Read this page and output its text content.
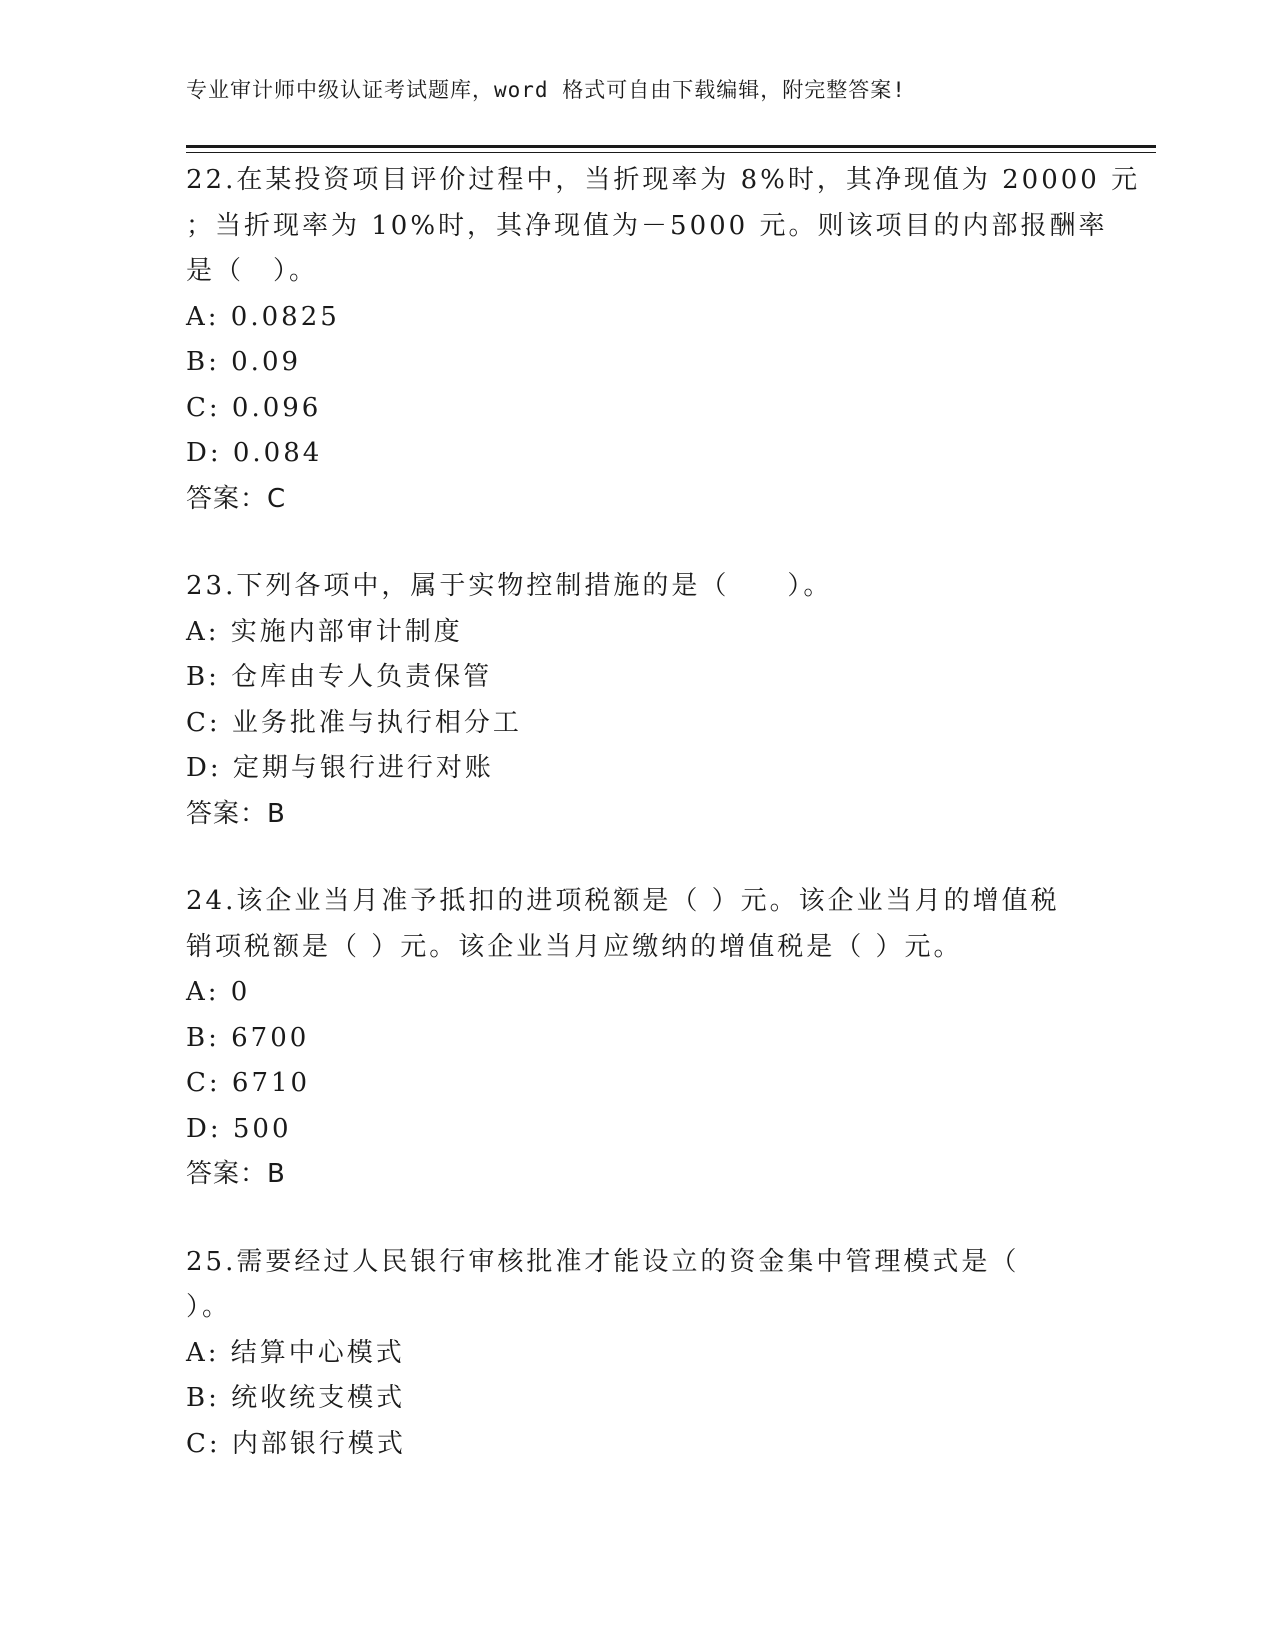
专业审计师中级认证考试题库，word 格式可自由下载编辑，附完整答案!
22.在某投资项目评价过程中，当折现率为 8%时，其净现值为 20000 元
；当折现率为 10%时，其净现值为－5000 元。则该项目的内部报酬率
是（　）。
A: 0.0825
B: 0.09
C: 0.096
D: 0.084
答案：C
23.下列各项中，属于实物控制措施的是（　　）。
A: 实施内部审计制度
B: 仓库由专人负责保管
C: 业务批准与执行相分工
D: 定期与银行进行对账
答案：B
24.该企业当月准予抵扣的进项税额是（ ）元。该企业当月的增值税
销项税额是（ ）元。该企业当月应缴纳的增值税是（ ）元。
A: 0
B: 6700
C: 6710
D: 500
答案：B
25.需要经过人民银行审核批准才能设立的资金集中管理模式是（
）。
A: 结算中心模式
B: 统收统支模式
C: 内部银行模式
